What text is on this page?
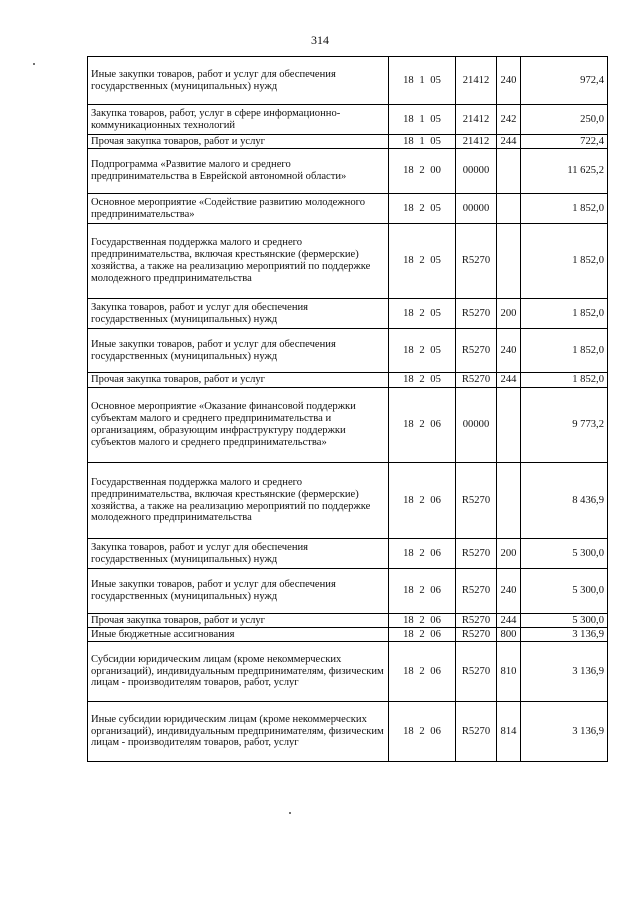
314
Иные закупки товаров, работ и услуг для обеспечения государственных (муниципальных) нужд	18 1 05	21412	240	972,4
Закупка товаров, работ, услуг в сфере информационно-коммуникационных технологий	18 1 05	21412	242	250,0
Прочая закупка товаров, работ и услуг	18 1 05	21412	244	722,4
Подпрограмма «Развитие малого и среднего предпринимательства в Еврейской автономной области»	18 2 00	00000		11 625,2
Основное мероприятие «Содействие развитию молодежного предпринимательства»	18 2 05	00000		1 852,0
Государственная поддержка малого и среднего предпринимательства, включая крестьянские (фермерские) хозяйства, а также на реализацию мероприятий по поддержке молодежного предпринимательства	18 2 05	R5270		1 852,0
Закупка товаров, работ и услуг для обеспечения государственных (муниципальных) нужд	18 2 05	R5270	200	1 852,0
Иные закупки товаров, работ и услуг для обеспечения государственных (муниципальных) нужд	18 2 05	R5270	240	1 852,0
Прочая закупка товаров, работ и услуг	18 2 05	R5270	244	1 852,0
Основное мероприятие «Оказание финансовой поддержки субъектам малого и среднего предпринимательства и организациям, образующим инфраструктуру поддержки субъектов малого и среднего предпринимательства»	18 2 06	00000		9 773,2
Государственная поддержка малого и среднего предпринимательства, включая крестьянские (фермерские) хозяйства, а также на реализацию мероприятий по поддержке молодежного предпринимательства	18 2 06	R5270		8 436,9
Закупка товаров, работ и услуг для обеспечения государственных (муниципальных) нужд	18 2 06	R5270	200	5 300,0
Иные закупки товаров, работ и услуг для обеспечения государственных (муниципальных) нужд	18 2 06	R5270	240	5 300,0
Прочая закупка товаров, работ и услуг	18 2 06	R5270	244	5 300,0
Иные бюджетные ассигнования	18 2 06	R5270	800	3 136,9
Субсидии юридическим лицам (кроме некоммерческих организаций), индивидуальным предпринимателям, физическим лицам - производителям товаров, работ, услуг	18 2 06	R5270	810	3 136,9
Иные субсидии юридическим лицам (кроме некоммерческих организаций), индивидуальным предпринимателям, физическим лицам - производителям товаров, работ, услуг	18 2 06	R5270	814	3 136,9
